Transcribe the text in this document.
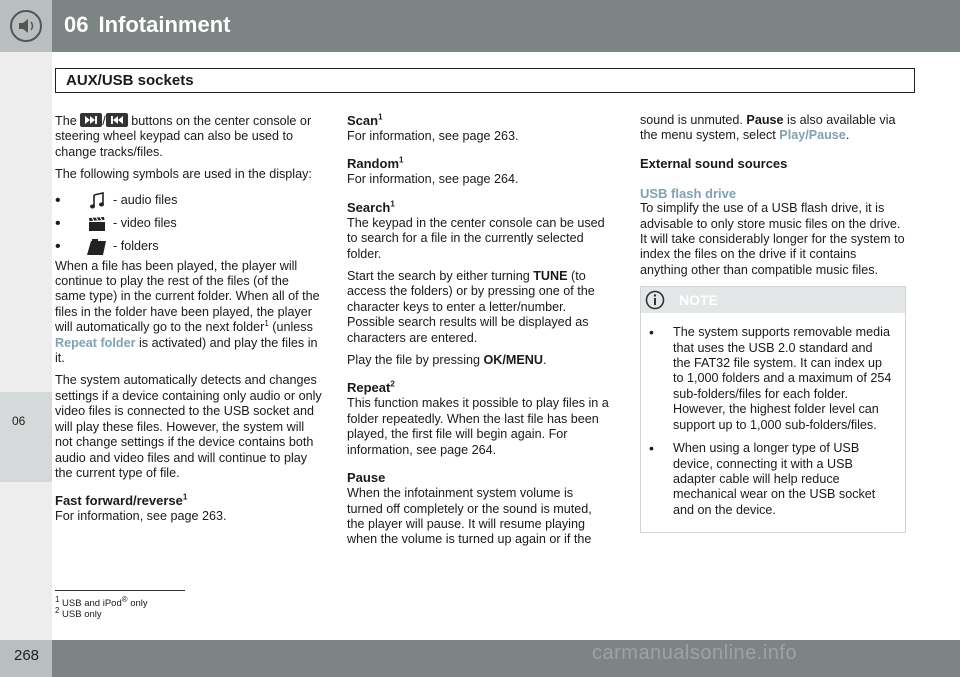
06 Infotainment
AUX/USB sockets
06

The / buttons on the center console or steering wheel keypad can also be used to change tracks/files.

The following symbols are used in the display:

•	- audio files
•	- video files
•	- folders

When a file has been played, the player will continue to play the rest of the files (of the same type) in the current folder. When all of the files in the folder have been played, the player will automatically go to the next folder$^1$ (unless Repeat folder is activated) and play the files in it.

The system automatically detects and changes settings if a device containing only audio or only video files is connected to the USB socket and will play these files. However, the system will not change settings if the device contains both audio and video files and will continue to play the current type of file.

Fast forward/reverse$^1$

For information, see page 263.

Scan$^1$

For information, see page 263.

Random$^1$

For information, see page 264.

Search$^1$

The keypad in the center console can be used to search for a file in the currently selected folder.

Start the search by either turning TUNE (to access the folders) or by pressing one of the character keys to enter a letter/number. Possible search results will be displayed as characters are entered.

Play the file by pressing OK/MENU.

Repeat$^2$

This function makes it possible to play files in a folder repeatedly. When the last file has been played, the first file will begin again. For information, see page 264.

Pause

When the infotainment system volume is turned off completely or the sound is muted, the player will pause. It will resume playing when the volume is turned up again or if the

sound is unmuted. Pause is also available via the menu system, select Play/Pause.

External sound sources
USB flash drive

To simplify the use of a USB flash drive, it is advisable to only store music files on the drive. It will take considerably longer for the system to index the files on the drive if it contains anything other than compatible music files.

NOTE
•	The system supports removable media that uses the USB 2.0 standard and the FAT32 file system. It can index up to 1,000 folders and a maximum of 254 sub-folders/files for each folder. However, the highest folder level can support up to 1,000 sub-folders/files.
•	When using a longer type of USB device, connecting it with a USB adapter cable will help reduce mechanical wear on the USB socket and on the device.
$^1$ USB and iPod® only
$^2$ USB only
268	carmanualsonline.info
